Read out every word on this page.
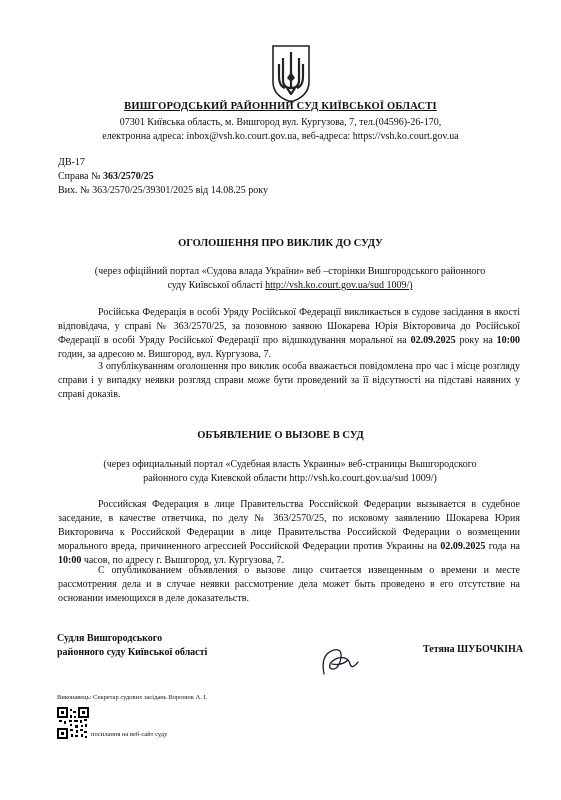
ВИШГОРОДСЬКИЙ РАЙОННИЙ СУД КИЇВСЬКОЇ ОБЛАСТІ
07301 Київська область, м. Вишгород вул. Кургузова, 7, тел.(04596)-26-170,
електронна адреса: inbox@vsh.ko.court.gov.ua, веб-адреса: https://vsh.ko.court.gov.ua
ДВ-17
Справа № 363/2570/25
Вих. № 363/2570/25/39301/2025 від 14.08.25 року
ОГОЛОШЕННЯ ПРО ВИКЛИК ДО СУДУ
(через офіційний портал «Судова влада України» веб –сторінки Вишгородського районного
суду Київської області http://vsh.ko.court.gov.ua/sud 1009/)
Російська Федерація в особі Уряду Російської Федерації викликається в судове засідання в якості відповідача, у справі № 363/2570/25, за позовною заявою Шокарева Юрія Вікторовича до Російської Федерації в особі Уряду Російської Федерації про відшкодування моральної на 02.09.2025 року на 10:00 годин, за адресою м. Вишгород, вул. Кургузова, 7.
З опублікуванням оголошення про виклик особа вважається повідомлена про час і місце розгляду справи і у випадку неявки розгляд справи може бути проведений за її відсутності на підставі наявних у справі доказів.
ОБЪЯВЛЕНИЕ О ВЫЗОВЕ В СУД
(через официальный портал «Судебная власть Украины» веб-страницы Вышгородского
районного суда Киевской области http://vsh.ko.court.gov.ua/sud 1009/)
Российская Федерация в лице Правительства Российской Федерации вызывается в судебное заседание, в качестве ответчика, по делу № 363/2570/25, по исковому заявлению Шокарева Юрия Викторовича к Российской Федерации в лице Правительства Российской Федерации о возмещении морального вреда, причиненного агрессией Российской Федерации против Украины на 02.09.2025 года на 10:00 часов, по адресу г. Вышгород, ул. Кургузова, 7.
С опубликованием объявления о вызове лицо считается извещенным о времени и месте рассмотрения дела и в случае неявки рассмотрение дела может быть проведено в его отсутствие на основании имеющихся в деле доказательств.
Судля Вишгородського
районного суду Київської області	Тетяна ШУБОЧКІНА
Виконавець: Секретар судових засідань Воронюк А. І.
посилання на веб-сайт суду
